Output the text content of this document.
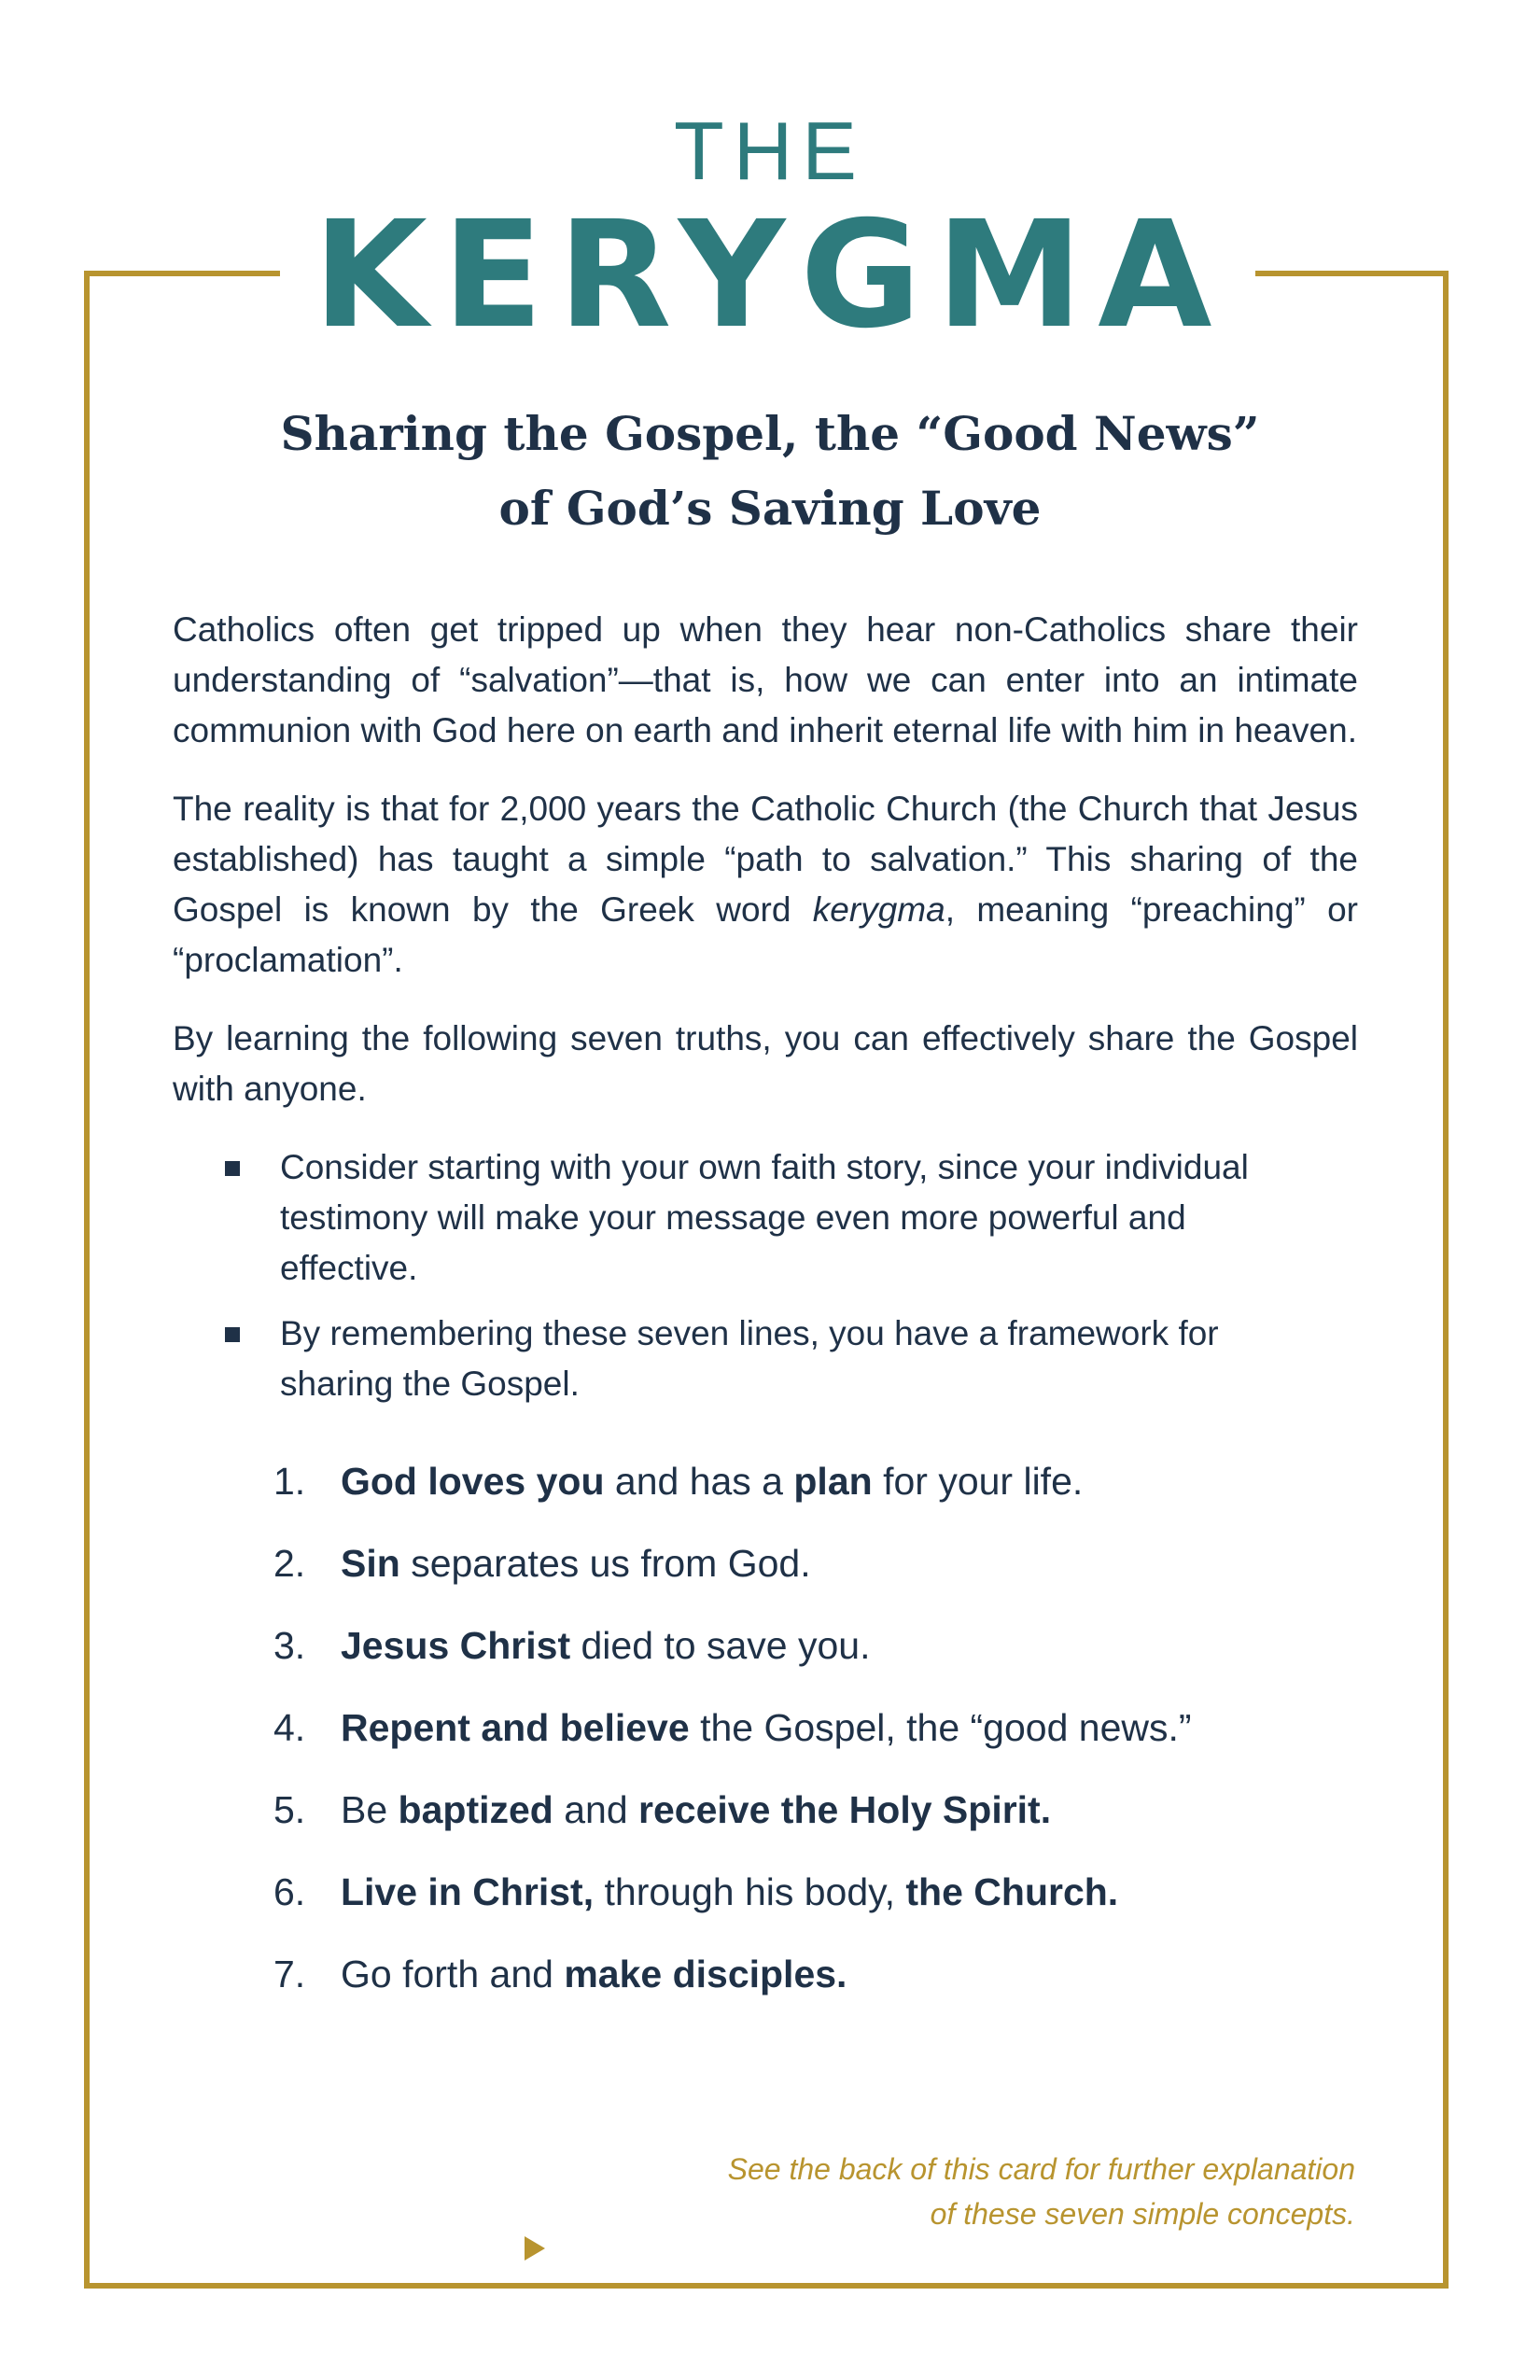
THE
KERYGMA
Sharing the Gospel, the “Good News”
of God’s Saving Love

Catholics often get tripped up when they hear non-Catholics share their understanding of “salvation”—that is, how we can enter into an intimate communion with God here on earth and inherit eternal life with him in heaven.

The reality is that for 2,000 years the Catholic Church (the Church that Jesus established) has taught a simple “path to salvation.” This sharing of the Gospel is known by the Greek word kerygma, meaning “preaching” or “proclamation”.

By learning the following seven truths, you can effectively share the Gospel with anyone.

Consider starting with your own faith story, since your individual testimony will make your message even more powerful and effective.
By remembering these seven lines, you have a framework for sharing the Gospel.
1. God loves you and has a plan for your life.
2. Sin separates us from God.
3. Jesus Christ died to save you.
4. Repent and believe the Gospel, the “good news.”
5. Be baptized and receive the Holy Spirit.
6. Live in Christ, through his body, the Church.
7. Go forth and make disciples.
See the back of this card for further explanation
of these seven simple concepts.
